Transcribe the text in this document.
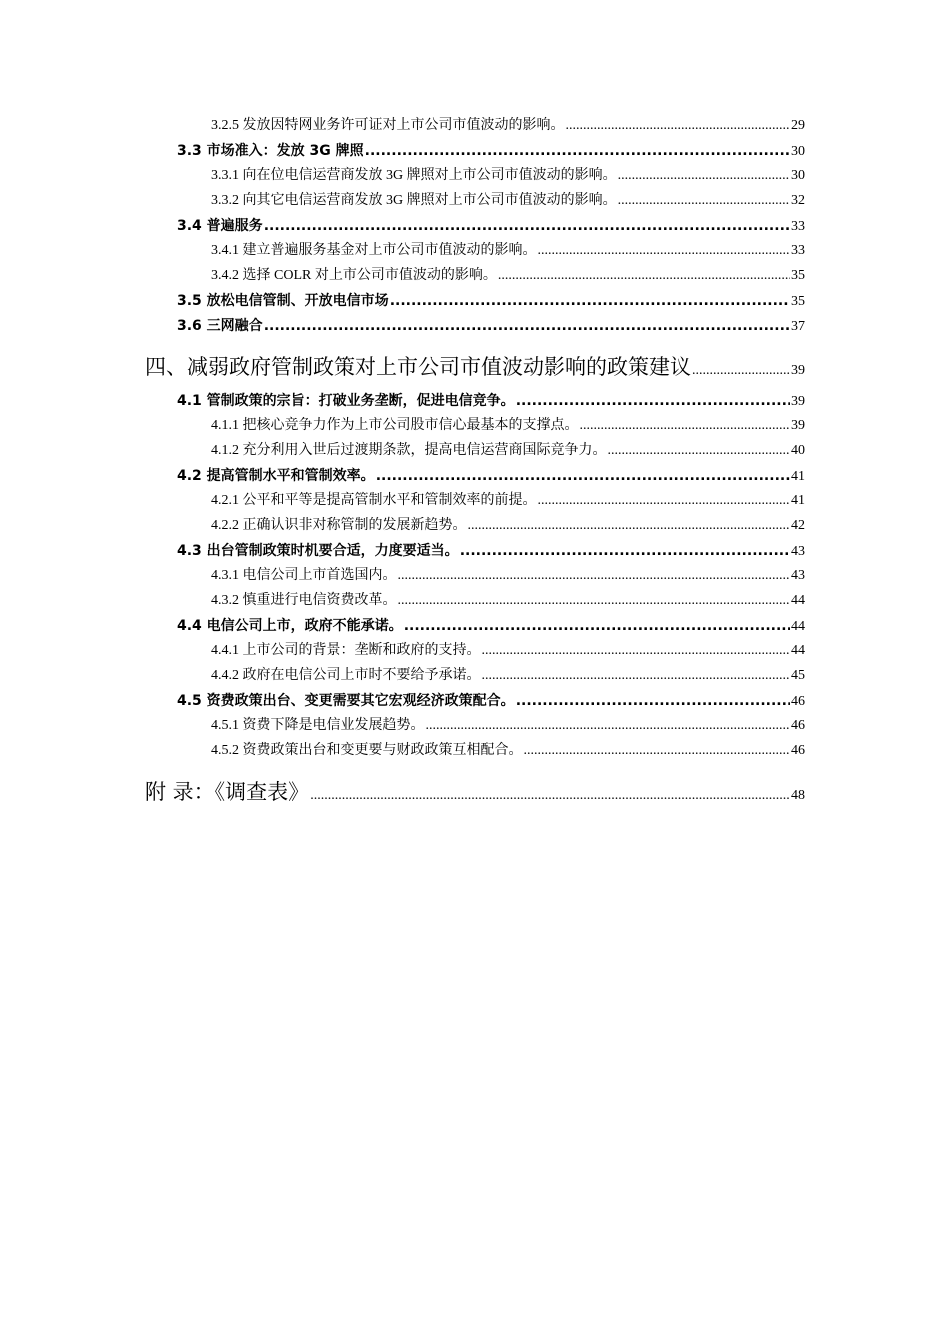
3.2.5 发放因特网业务许可证对上市公司市值波动的影响。 .....	29
3.3 市场准入：发放 3G 牌照 .....	30
3.3.1 向在位电信运营商发放 3G 牌照对上市公司市值波动的影响。 .....	30
3.3.2 向其它电信运营商发放 3G 牌照对上市公司市值波动的影响。 .....	32
3.4 普遍服务 .....	33
3.4.1 建立普遍服务基金对上市公司市值波动的影响。 .....	33
3.4.2 选择 COLR 对上市公司市值波动的影响。 .....	35
3.5 放松电信管制、开放电信市场 .....	35
3.6 三网融合 .....	37
四、减弱政府管制政策对上市公司市值波动影响的政策建议 .....	39
4.1 管制政策的宗旨：打破业务垄断，促进电信竞争。 .....	39
4.1.1 把核心竞争力作为上市公司股市信心最基本的支撑点。 .....	39
4.1.2 充分利用入世后过渡期条款，提高电信运营商国际竞争力。 .....	40
4.2 提高管制水平和管制效率。 .....	41
4.2.1 公平和平等是提高管制水平和管制效率的前提。 .....	41
4.2.2 正确认识非对称管制的发展新趋势。 .....	42
4.3 出台管制政策时机要合适，力度要适当。 .....	43
4.3.1 电信公司上市首选国内。 .....	43
4.3.2 慎重进行电信资费改革。 .....	44
4.4 电信公司上市，政府不能承诺。 .....	44
4.4.1 上市公司的背景：垄断和政府的支持。 .....	44
4.4.2 政府在电信公司上市时不要给予承诺。 .....	45
4.5 资费政策出台、变更需要其它宏观经济政策配合。 .....	46
4.5.1 资费下降是电信业发展趋势。 .....	46
4.5.2 资费政策出台和变更要与财政政策互相配合。 .....	46
附 录：《调查表》 .....	48
